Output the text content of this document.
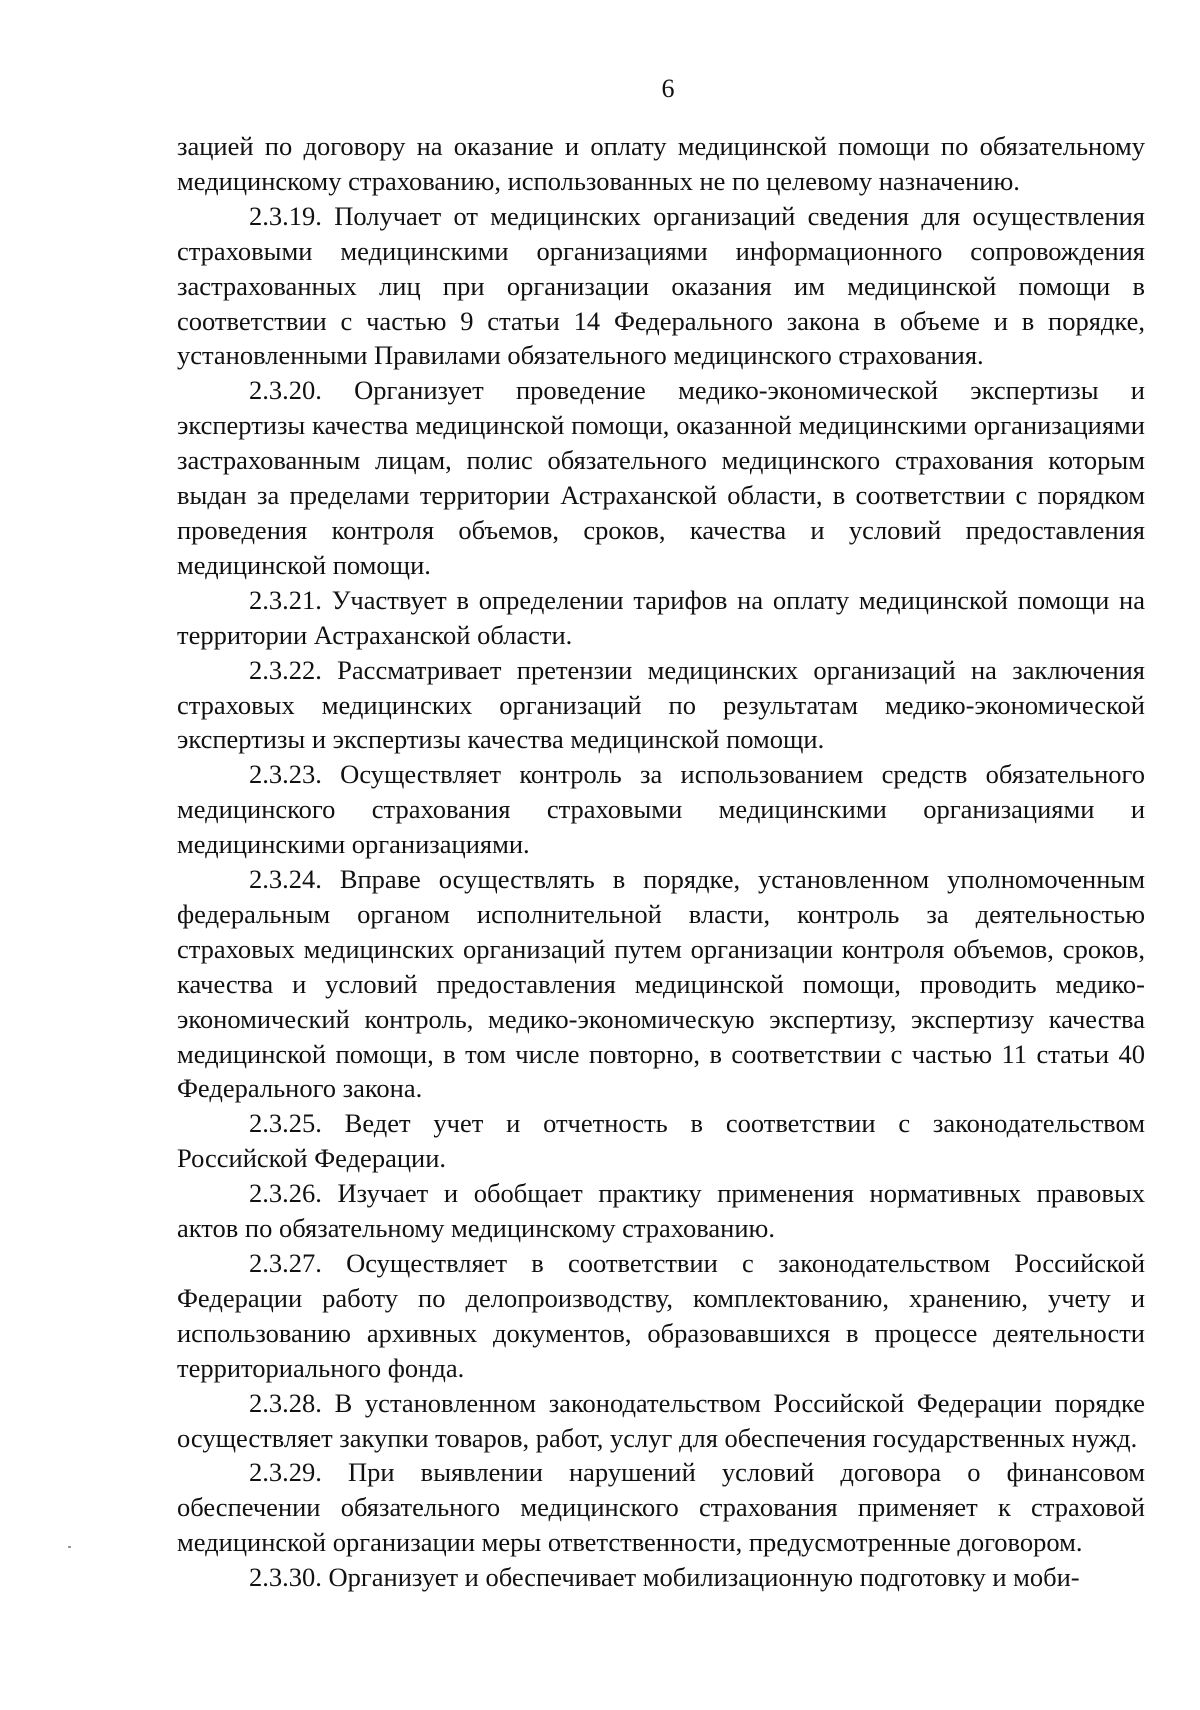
6

зацией по договору на оказание и оплату медицинской помощи по обязательному медицинскому страхованию, использованных не по целевому назначению.

2.3.19. Получает от медицинских организаций сведения для осуществления страховыми медицинскими организациями информационного сопровождения застрахованных лиц при организации оказания им медицинской помощи в соответствии с частью 9 статьи 14 Федерального закона в объеме и в порядке, установленными Правилами обязательного медицинского страхования.

2.3.20. Организует проведение медико-экономической экспертизы и экспертизы качества медицинской помощи, оказанной медицинскими организациями застрахованным лицам, полис обязательного медицинского страхования которым выдан за пределами территории Астраханской области, в соответствии с порядком проведения контроля объемов, сроков, качества и условий предоставления медицинской помощи.

2.3.21. Участвует в определении тарифов на оплату медицинской помощи на территории Астраханской области.

2.3.22. Рассматривает претензии медицинских организаций на заключения страховых медицинских организаций по результатам медико-экономической экспертизы и экспертизы качества медицинской помощи.

2.3.23. Осуществляет контроль за использованием средств обязательного медицинского страхования страховыми медицинскими организациями и медицинскими организациями.

2.3.24. Вправе осуществлять в порядке, установленном уполномоченным федеральным органом исполнительной власти, контроль за деятельностью страховых медицинских организаций путем организации контроля объемов, сроков, качества и условий предоставления медицинской помощи, проводить медико-экономический контроль, медико-экономическую экспертизу, экспертизу качества медицинской помощи, в том числе повторно, в соответствии с частью 11 статьи 40 Федерального закона.

2.3.25. Ведет учет и отчетность в соответствии с законодательством Российской Федерации.

2.3.26. Изучает и обобщает практику применения нормативных правовых актов по обязательному медицинскому страхованию.

2.3.27. Осуществляет в соответствии с законодательством Российской Федерации работу по делопроизводству, комплектованию, хранению, учету и использованию архивных документов, образовавшихся в процессе деятельности территориального фонда.

2.3.28. В установленном законодательством Российской Федерации порядке осуществляет закупки товаров, работ, услуг для обеспечения государственных нужд.

2.3.29. При выявлении нарушений условий договора о финансовом обеспечении обязательного медицинского страхования применяет к страховой медицинской организации меры ответственности, предусмотренные договором.

2.3.30. Организует и обеспечивает мобилизационную подготовку и моби-
